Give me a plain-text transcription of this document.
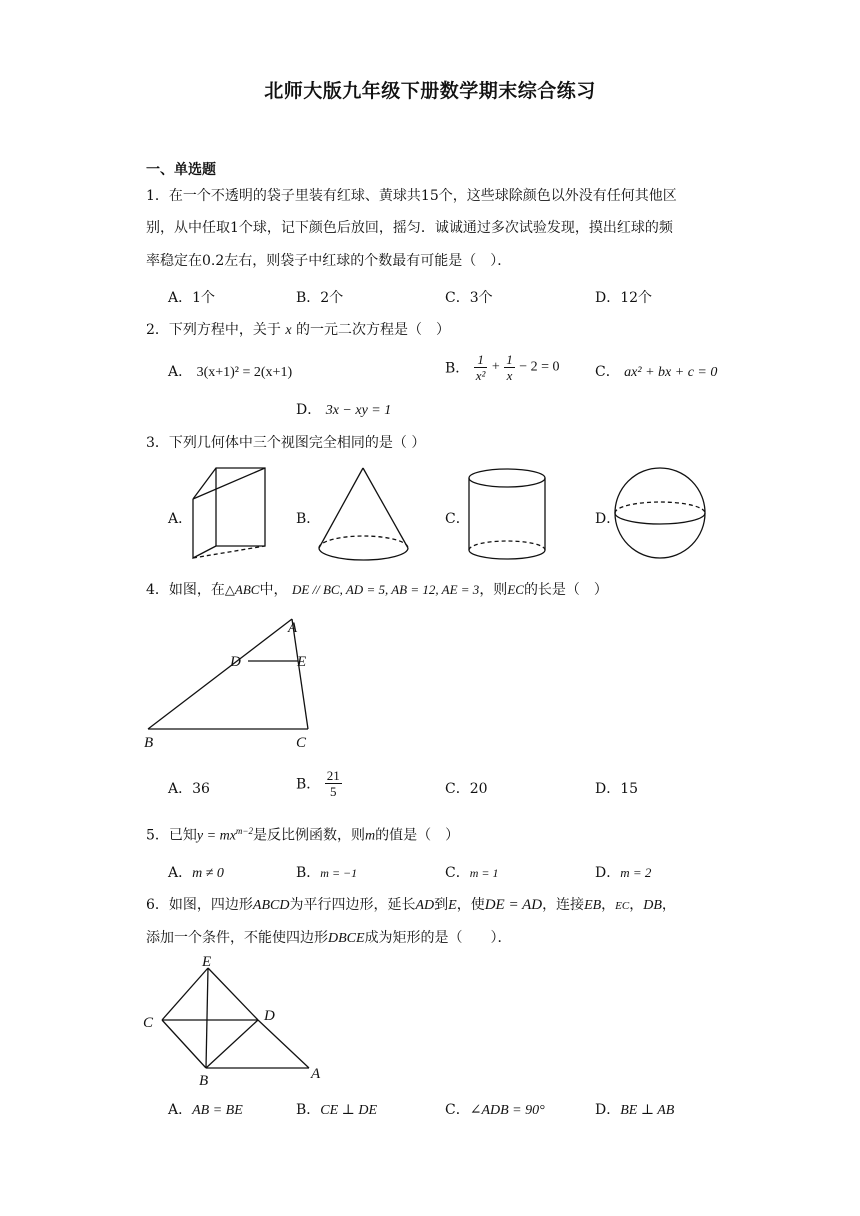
北师大版九年级下册数学期末综合练习
一、单选题
1．在一个不透明的袋子里装有红球、黄球共15个，这些球除颜色以外没有任何其他区
别，从中任取1个球，记下颜色后放回，摇匀．诚诚通过多次试验发现，摸出红球的频
率稳定在0.2左右，则袋子中红球的个数最有可能是（　）．
A．1个	B．2个	C．3个	D．12个
2．下列方程中，关于 x 的一元二次方程是（　）
A． 3(x+1)² = 2(x+1)	B． $\frac{1}{\text{x²}} + \frac{1}{x} - 2 = 0$	C． ax² + bx + c = 0
D． 3x − xy = 1
3．下列几何体中三个视图完全相同的是（ ）
A．	B．	C．	D．
4．如图，在△ABC中， DE // BC, AD = 5, AB = 12, AE = 3，则EC的长是（　）
A
D	E
B	C
A．36	B． $\frac{21}{5}$	C．20	D．15
5．已知$y = mx^{m-2}$是反比例函数，则m的值是（　）
A．m ≠ 0	B．m = −1	C．m = 1	D．m = 2
6．如图，四边形ABCD为平行四边形，延长AD到E，使DE = AD，连接EB，EC，DB，
添加一个条件，不能使四边形DBCE成为矩形的是（　　）．
E
C	D
B	A
A．AB = BE	B．CE ⊥ DE	C．∠ADB = 90°	D．BE ⊥ AB
